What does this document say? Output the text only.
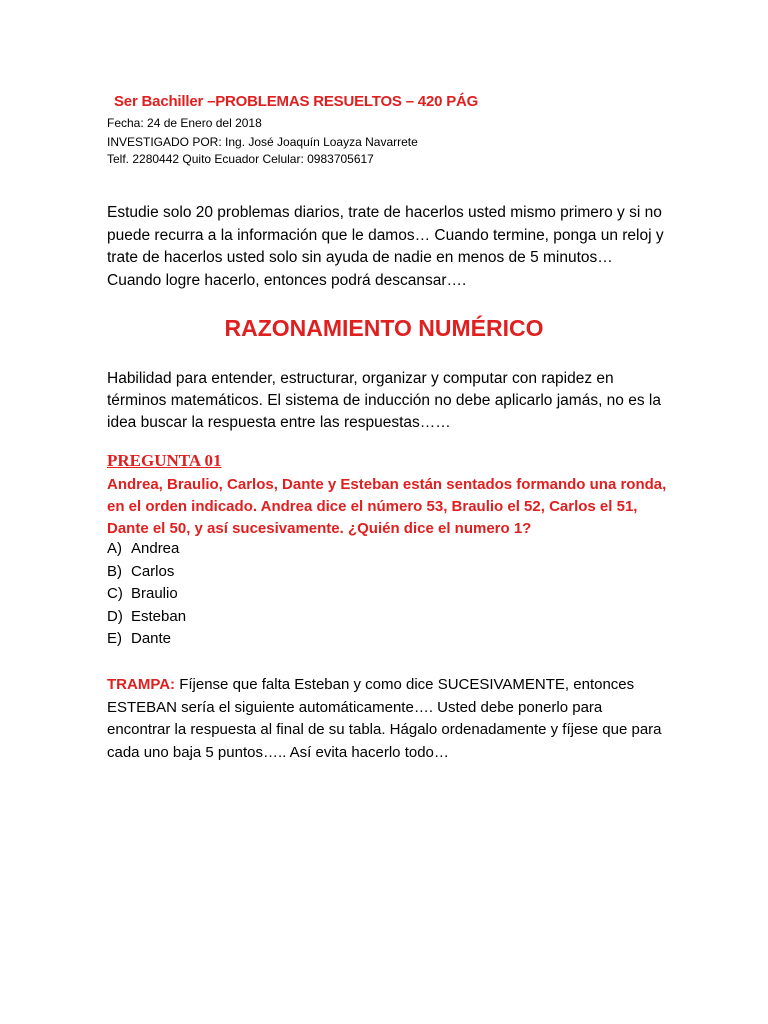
Ser Bachiller –PROBLEMAS RESUELTOS – 420 PÁG

Fecha: 24 de Enero del 2018

INVESTIGADO POR: Ing. José Joaquín Loayza Navarrete

Telf. 2280442 Quito Ecuador Celular: 0983705617

Estudie solo 20 problemas diarios, trate de hacerlos usted mismo primero y si no puede recurra a la información que le damos… Cuando termine, ponga un reloj y trate de hacerlos usted solo sin ayuda de nadie en menos de 5 minutos… Cuando logre hacerlo, entonces podrá descansar….

RAZONAMIENTO NUMÉRICO

Habilidad para entender, estructurar, organizar y computar con rapidez en términos matemáticos. El sistema de inducción no debe aplicarlo jamás, no es la idea buscar la respuesta entre las respuestas……

PREGUNTA 01

Andrea, Braulio, Carlos, Dante y Esteban están sentados formando una ronda, en el orden indicado. Andrea dice el número 53, Braulio el 52, Carlos el 51, Dante el 50, y así sucesivamente. ¿Quién dice el numero 1?

A) Andrea
B) Carlos
C) Braulio
D) Esteban
E) Dante

TRAMPA: Fíjense que falta Esteban y como dice SUCESIVAMENTE, entonces ESTEBAN sería el siguiente automáticamente…. Usted debe ponerlo para encontrar la respuesta al final de su tabla. Hágalo ordenadamente y fíjese que para cada uno baja 5 puntos….. Así evita hacerlo todo…
